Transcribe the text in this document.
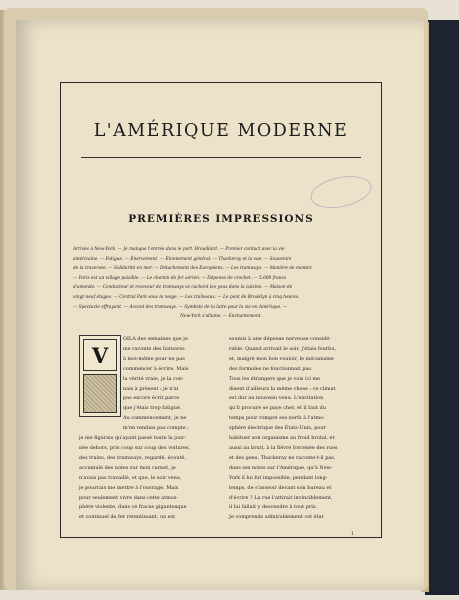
L'AMÉRIQUE MODERNE
PREMIÈRES IMPRESSIONS
Arrivée à New-York. — Je manque l'entrée dans le port. Brouillard. — Premier contact avec la vie
américaine. — Fatigue. — Énervement. — Étonnement général. — Thackeray et la vue. — Souvenirs
de la traversée. — Solidarité en mer. — Détachement des Européens. — Les tramways. — Manière de monter.
— Paris est un village paisible. — Le chemin de fer aérien. — Dépense de crochet. — 5.000 francs
d'amende. — Conducteur et receveur de tramways se cachent les yeux dans la cuisine. — Maison de
vingt-neuf étages. — Central Park sous la neige. — Les traîneaux. — Le pont de Brooklyn à cinq heures.
— Spectacle effrayant. — Accent des tramways. — Symbole de la lutte pour la vie en Amérique. —
New-York s'allume. — Enchantement.
V
OILA des semaines que je
me raconte des histoires
à moi-même pour ne pas
commencer à écrire. Mais
la vérité vraie, je la con-
nais à présent : je n'ai
pas encore écrit parce
que j'étais trop fatigué.
Au commencement, je ne
m'en rendais pas compte ;
je me figurais qu'ayant passé toute la jour-
née dehors, pris coup sur coup des voitures,
des trains, des tramways, regardé, écouté,
accumulé des notes sur mon carnet, je
n'avais pas travaillé, et que, le soir venu,
je pourrais me mettre à l'ouvrage. Mais
pour seulement vivre dans cette atmos-
phère violente, dans ce fracas gigantesque
et continuel de fer retentissant, on est
soumis à une dépense nerveuse considé-
rable. Quand arrivait le soir, j'étais fourbu,
et, malgré mon bon vouloir, le mécanisme
des formules ne fonctionnait pas.
Tous les étrangers que je vois ici me
disent d'ailleurs la même chose : ce climat
est dur au nouveau venu. L'excitation
qu'il procure se paye cher, et il faut du
temps pour rompre ses nerfs à l'atmo-
sphère électrique des États-Unis, pour
habituer son organisme au froid brutal, et
aussi au bruit, à la fièvre forcenée des rues
et des gens. Thackeray ne raconte-t-il pas,
dans ses notes sur l'Amérique, qu'à New-
York il lui fut impossible, pendant long-
temps, de s'asseoir devant son bureau et
d'écrire ? La rue l'attirait invinciblement,
il lui fallait y descendre à tout prix.
Je comprends admirablement cet état
1
